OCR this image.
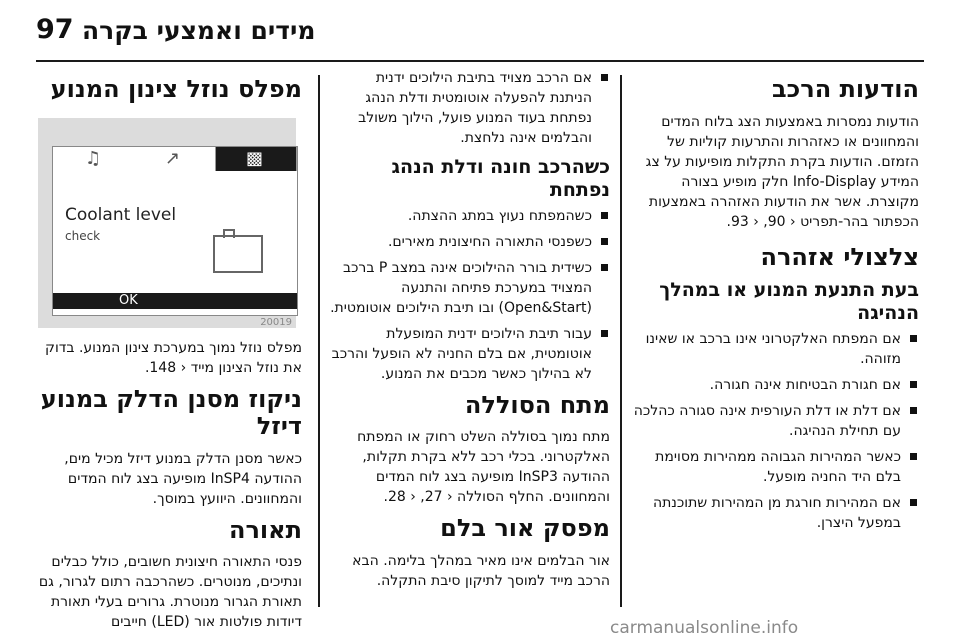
97 מידים ואמצעי בקרה
הודעות הרכב

הודעות נמסרות באמצעות הצג בלוח המדים והמחוונים או כאזהרות והתרעות קוליות של הזמזם. הודעות בקרת התקלות מופיעות על צג המידע Info-Display חלק מופיע בצורה מקוצרת. אשר את הודעות האזהרה באמצעות הכפתור בהר-תפריט ‹ 90, ‹ 93.

צלצולי אזהרה
בעת התנעת המנוע או במהלך הנהיגה
אם המפתח האלקטרוני אינו ברכב או שאינו מזוהה.
אם חגורת הבטיחות אינה חגורה.
אם דלת או דלת העורפית אינה סגורה כהלכה עם תחילת הנהיגה.
כאשר המהירות הגבוהה ממהירות מסוימת בלם היד החניה מופעל.
אם המהירות חורגת מן המהירות שתוכנתה במפעל היצרן.
אם הרכב מצויד בתיבת הילוכים ידנית הניתנת להפעלה אוטומטית ודלת הנהג נפתחת בעוד המנוע פועל, הילוך משולב והבלמים אינה נלחצת.
כשהרכב חונה ודלת הנהג נפתחת
כשהמפתח נעוץ במתג ההצתה.
כשפנסי התאורה החיצונית מאירים.
כשידית בורר ההילוכים אינה במצב P ברכב המצויד במערכת פתיחה והתנעה (Open&Start) ובו תיבת הילוכים אוטומטית.
עבור תיבת הילוכים ידנית המופעלת אוטומטית, אם בלם החניה לא הופעל והרכב לא בהילוך כאשר מכבים את המנוע.
מתח הסוללה

מתח נמוך בסוללה השלט רחוק או המפתח האלקטרוני. בכלי רכב ללא בקרת תקלות, ההודעה InSP3 מופיעה בצג לוח המדים והמחוונים. החלף הסוללה ‹ 27, ‹ 28.

מפסק אור בלם

אור הבלמים אינו מאיר במהלך בלימה. הבא הרכב מייד למוסך לתיקון סיבת התקלה.

מפלס נוזל צינון המנוע
▩
↗
♫
Coolant level
check
OK
20019

מפלס נוזל נמוך במערכת צינון המנוע. בדוק את נוזל הצינון מייד ‹ 148.

ניקוז מסנן הדלק במנוע דיזל

כאשר מסנן הדלק במנוע דיזל מכיל מים, ההודעה InSP4 מופיעה בצג לוח המדים והמחוונים. היוועץ במוסך.

תאורה

פנסי התאורה חיצונית חשובים, כולל כבלים ונתיכים, מנוטרים. כשהרכבה רתום לגרור, גם תאורת הגרור מנוטרת. גרורים בעלי תאורת דיודות פולטות אור (LED) חייבים	carmanualsonline.info
